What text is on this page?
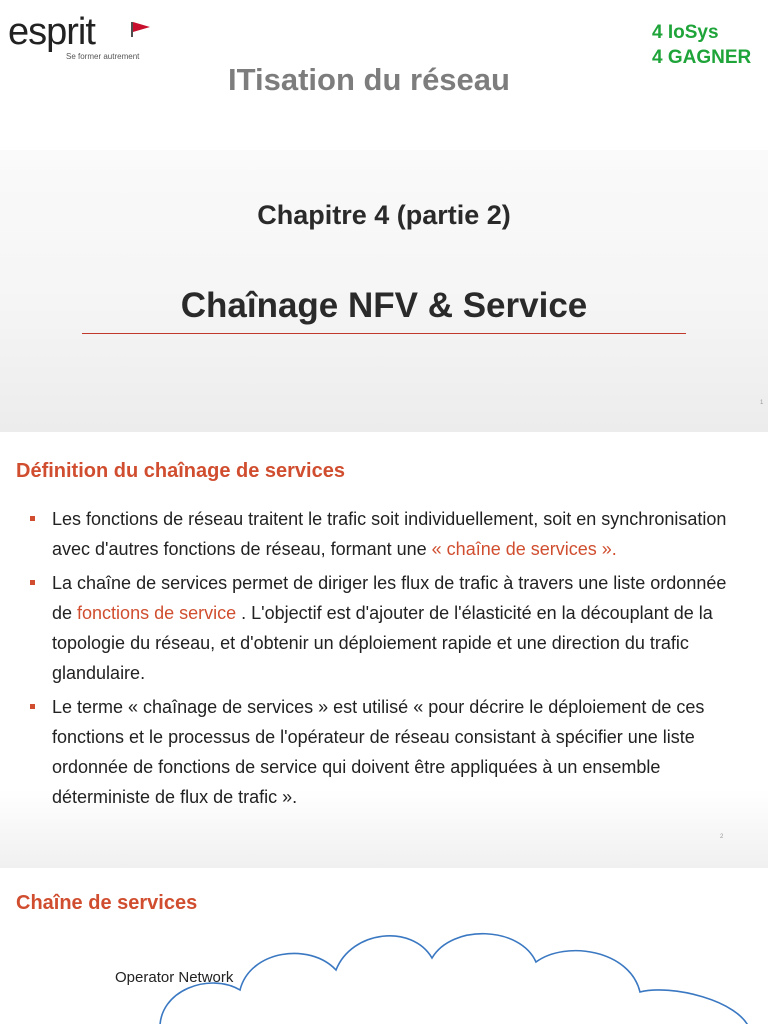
esprit
Se former autrement
4 IoSys
4 GAGNER
ITisation du réseau
Chapitre 4 (partie 2)
Chaînage NFV & Service
1
Définition du chaînage de services
Les fonctions de réseau traitent le trafic soit individuellement, soit en synchronisation avec d'autres fonctions de réseau, formant une « chaîne de services ».
La chaîne de services permet de diriger les flux de trafic à travers une liste ordonnée de fonctions de service . L'objectif est d'ajouter de l'élasticité en la découplant de la topologie du réseau, et d'obtenir un déploiement rapide et une direction du trafic glandulaire.
Le terme « chaînage de services » est utilisé « pour décrire le déploiement de ces fonctions et le processus de l'opérateur de réseau consistant à spécifier une liste ordonnée de fonctions de service qui doivent être appliquées à un ensemble déterministe de flux de trafic ».
2
Chaîne de services
Operator Network
